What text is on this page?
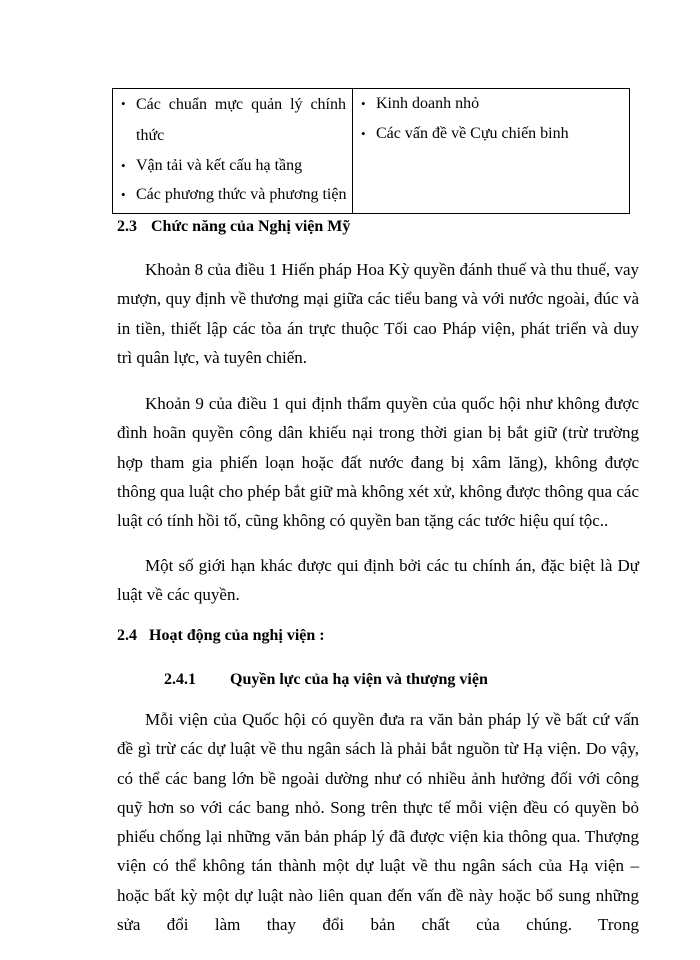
• Các chuẩn mực quản lý chính thức
• Vận tải và kết cấu hạ tầng
• Các phương thức và phương tiện
• Kinh doanh nhỏ
• Các vấn đề về Cựu chiến binh
2.3 Chức năng của Nghị viện Mỹ

Khoản 8 của điều 1 Hiến pháp Hoa Kỳ quyền đánh thuế và thu thuế, vay mượn, quy định về thương mại giữa các tiểu bang và với nước ngoài, đúc và in tiền, thiết lập các tòa án trực thuộc Tối cao Pháp viện, phát triển và duy trì quân lực, và tuyên chiến.

Khoản 9 của điều 1 qui định thẩm quyền của quốc hội như không được đình hoãn quyền công dân khiếu nại trong thời gian bị bắt giữ (trừ trường hợp tham gia phiến loạn hoặc đất nước đang bị xâm lăng), không được thông qua luật cho phép bắt giữ mà không xét xử, không được thông qua các luật có tính hồi tố, cũng không có quyền ban tặng các tước hiệu quí tộc..

Một số giới hạn khác được qui định bởi các tu chính án, đặc biệt là Dự luật về các quyền.

2.4 Hoạt động của nghị viện :
2.4.1 Quyền lực của hạ viện và thượng viện

Mỗi viện của Quốc hội có quyền đưa ra văn bản pháp lý về bất cứ vấn đề gì trừ các dự luật về thu ngân sách là phải bắt nguồn từ Hạ viện. Do vậy, có thể các bang lớn bề ngoài dường như có nhiều ảnh hưởng đối với công quỹ hơn so với các bang nhỏ. Song trên thực tế mỗi viện đều có quyền bỏ phiếu chống lại những văn bản pháp lý đã được viện kia thông qua. Thượng viện có thể không tán thành một dự luật về thu ngân sách của Hạ viện – hoặc bất kỳ một dự luật nào liên quan đến vấn đề này hoặc bổ sung những sửa đổi làm thay đổi bản chất của chúng. Trong
